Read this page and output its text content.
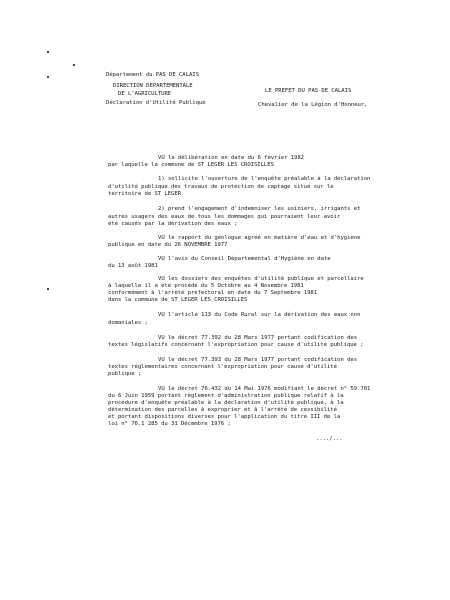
Département du PAS DE CALAIS
DIRECTION DEPARTEMENTALE
DE L'AGRICULTURE
Déclaration d'Utilité Publique
LE PREFET DU PAS DE CALAIS
Chevalier de la Légion d'Honneur,
VU la délibération en date du 6 février 1982
par laquelle la commune de ST LEGER LES CROISILLES
1) sollicite l'ouverture de l'enquête préalable à la déclaration
d'utilité publique des travaux de protection de captage situé sur le
territoire de ST LEGER
2) prend l'engagement d'indemniser les usiniers, irrigants et
autres usagers des eaux de tous les dommages qui pourraient leur avoir
été causés par la dérivation des eaux ;
VU le rapport du géologue agréé en matière d'eau et d'hygiène
publique en date du 26 NOVEMBRE 1977
VU l'avis du Conseil Départemental d'Hygiène en date
du 13 août 1981
VU les dossiers des enquêtes d'utilité publique et parcellaire
à laquelle il a été procédé du 5 Octobre au 4 Novembre 1981
conformément à l'arrêté préfectoral en date du 7 Septembre 1981
dans la commune de ST LEGER LES CROISILLES
VU l'article 113 du Code Rural sur la dérivation des eaux non
domaniales ;
VU le décret 77.392 du 28 Mars 1977 portant codification des
textes législatifs concernant l'expropriation pour cause d'utilité publique ;
VU le décret 77.393 du 28 Mars 1977 portant codification des
textes réglementaires concernant l'expropriation pour cause d'utilité
publique ;
VU le décret 76.432 du 14 Mai 1976 modifiant le décret n° 59.701
du 6 Juin 1959 portant règlement d'administration publique relatif à la
procédure d'enquête préalable à la déclaration d'utilité publique, à la
détermination des parcelles à exproprier et à l'arrêté de cessibilité
et portant dispositions diverses pour l'application du titre III de la
loi n° 76.1 285 du 31 Décembre 1976 ;
..../...
